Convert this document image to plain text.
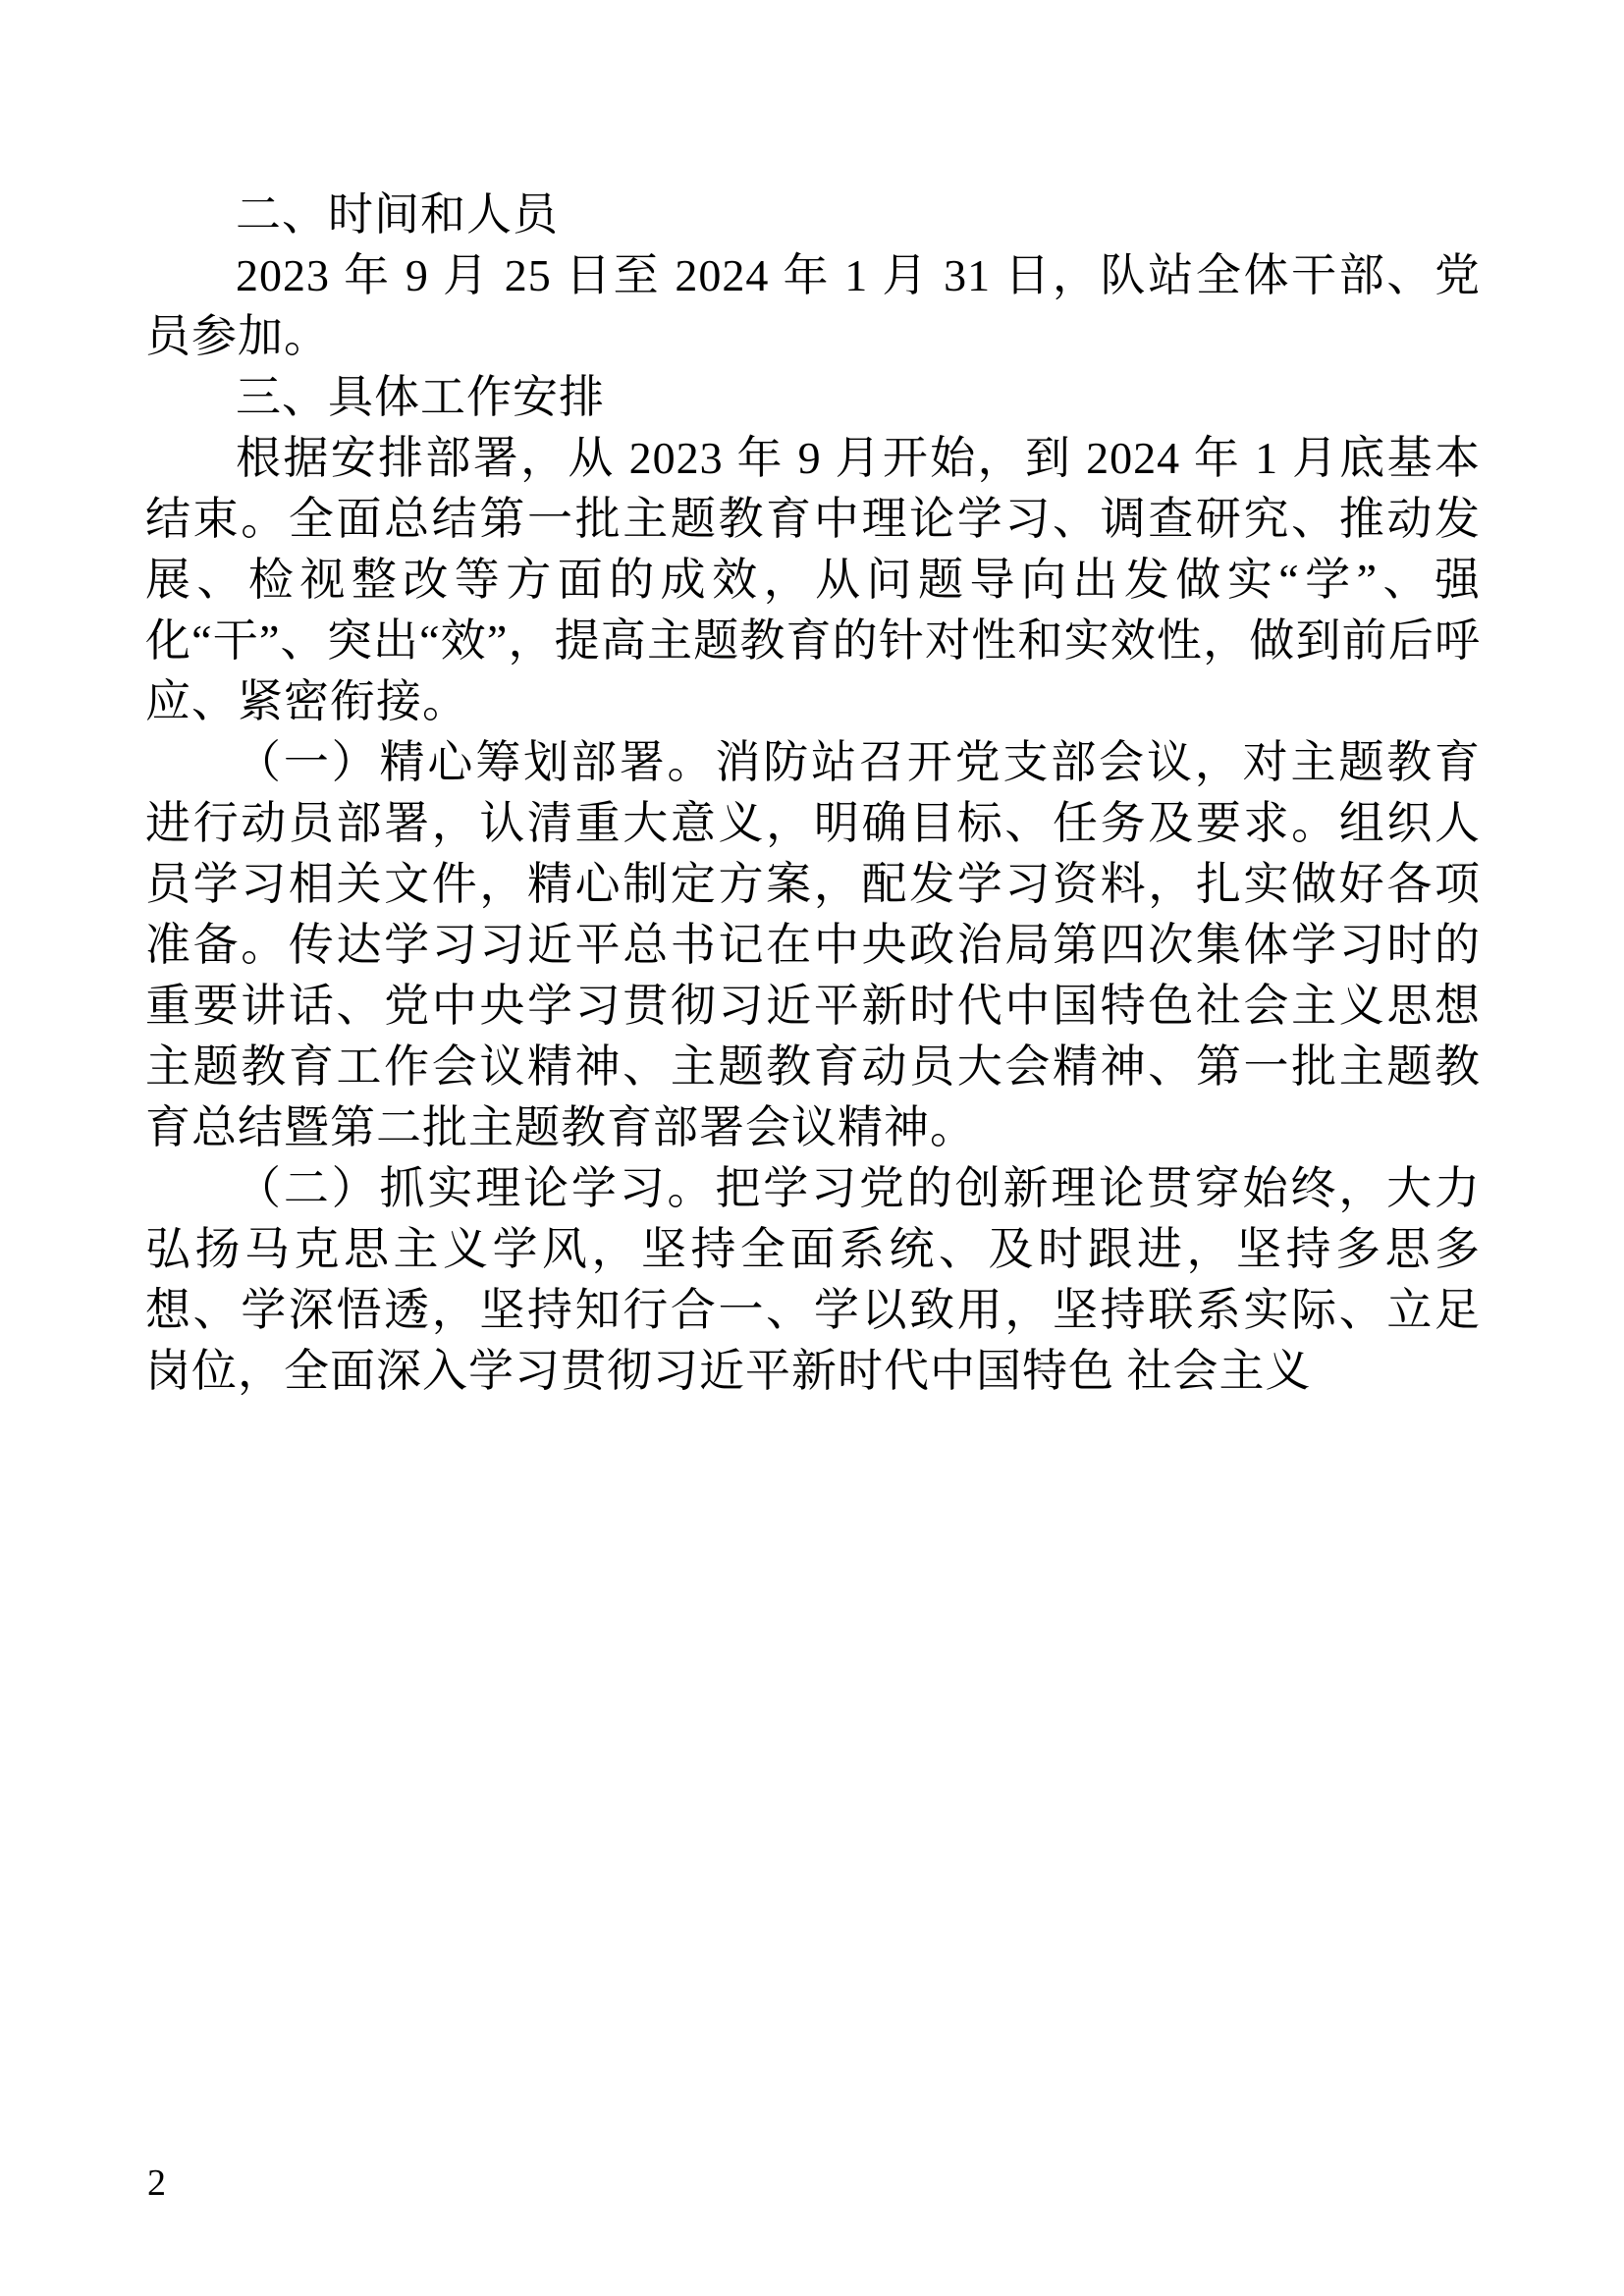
二、时间和人员

2023 年 9 月 25 日至 2024 年 1 月 31 日，队站全体干部、党员参加。

三、具体工作安排

根据安排部署，从 2023 年 9 月开始，到 2024 年 1 月底基本结束。全面总结第一批主题教育中理论学习、调查研究、推动发展、检视整改等方面的成效，从问题导向出发做实“学”、强化“干”、突出“效”，提高主题教育的针对性和实效性，做到前后呼应、紧密衔接。

（一）精心筹划部署。消防站召开党支部会议，对主题教育进行动员部署，认清重大意义，明确目标、任务及要求。组织人员学习相关文件，精心制定方案，配发学习资料，扎实做好各项准备。传达学习习近平总书记在中央政治局第四次集体学习时的重要讲话、党中央学习贯彻习近平新时代中国特色社会主义思想主题教育工作会议精神、主题教育动员大会精神、第一批主题教育总结暨第二批主题教育部署会议精神。

（二）抓实理论学习。把学习党的创新理论贯穿始终，大力弘扬马克思主义学风，坚持全面系统、及时跟进，坚持多思多想、学深悟透，坚持知行合一、学以致用，坚持联系实际、立足岗位，全面深入学习贯彻习近平新时代中国特色 社会主义

2
